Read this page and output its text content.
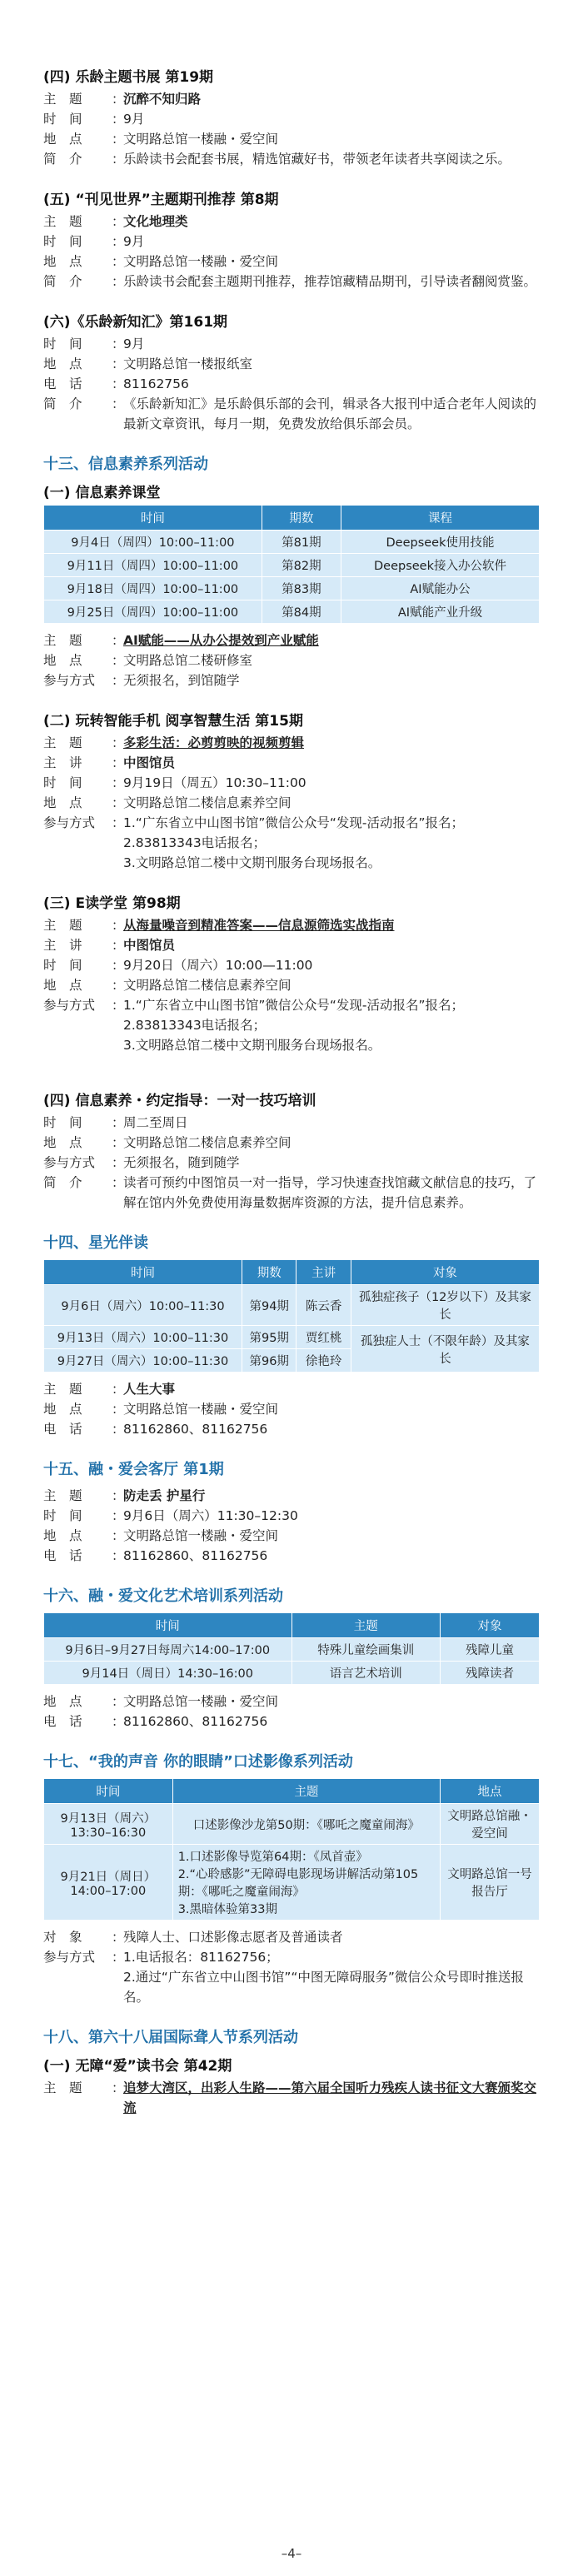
(四) 乐龄主题书展 第19期
主　题	：
沉醉不知归路
时　间	：
9月
地　点	：
文明路总馆一楼融・爱空间
简　介	：
乐龄读书会配套书展，精选馆藏好书，带领老年读者共享阅读之乐。
(五) “刊见世界”主题期刊推荐 第8期
主　题	：
文化地理类
时　间	：
9月
地　点	：
文明路总馆一楼融・爱空间
简　介	：
乐龄读书会配套主题期刊推荐，推荐馆藏精品期刊，引导读者翻阅赏鉴。
(六)《乐龄新知汇》第161期
时　间	：
9月
地　点	：
文明路总馆一楼报纸室
电　话	：
81162756
简　介	：
《乐龄新知汇》是乐龄俱乐部的会刊，辑录各大报刊中适合老年人阅读的最新文章资讯，每月一期，免费发放给俱乐部会员。
十三、信息素养系列活动
(一) 信息素养课堂
时间	期数	课程
9月4日（周四）10:00–11:00	第81期	Deepseek使用技能
9月11日（周四）10:00–11:00	第82期	Deepseek接入办公软件
9月18日（周四）10:00–11:00	第83期	AI赋能办公
9月25日（周四）10:00–11:00	第84期	AI赋能产业升级
主　题	：
AI赋能——从办公提效到产业赋能
地　点	：
文明路总馆二楼研修室
参与方式	：
无须报名，到馆随学
(二) 玩转智能手机 阅享智慧生活 第15期
主　题	：
多彩生活：必剪剪映的视频剪辑
主　讲	：
中图馆员
时　间	：
9月19日（周五）10:30–11:00
地　点	：
文明路总馆二楼信息素养空间
参与方式	：
1.“广东省立中山图书馆”微信公众号“发现-活动报名”报名；
2.83813343电话报名；
3.文明路总馆二楼中文期刊服务台现场报名。
(三) E读学堂 第98期
主　题	：
从海量噪音到精准答案——信息源筛选实战指南
主　讲	：
中图馆员
时　间	：
9月20日（周六）10:00—11:00
地　点	：
文明路总馆二楼信息素养空间
参与方式	：
1.“广东省立中山图书馆”微信公众号“发现-活动报名”报名；
2.83813343电话报名；
3.文明路总馆二楼中文期刊服务台现场报名。
(四) 信息素养・约定指导：一对一技巧培训
时　间	：
周二至周日
地　点	：
文明路总馆二楼信息素养空间
参与方式	：
无须报名，随到随学
简　介	：
读者可预约中图馆员一对一指导，学习快速查找馆藏文献信息的技巧，了解在馆内外免费使用海量数据库资源的方法，提升信息素养。
十四、星光伴读
时间	期数	主讲	对象
9月6日（周六）10:00–11:30	第94期	陈云香	孤独症孩子（12岁以下）及其家长
9月13日（周六）10:00–11:30	第95期	贾红桃	孤独症人士（不限年龄）及其家长
9月27日（周六）10:00–11:30	第96期	徐艳玲	
主　题	：
人生大事
地　点	：
文明路总馆一楼融・爱空间
电　话	：
81162860、81162756
十五、融・爱会客厅 第1期
主　题	：
防走丢 护星行
时　间	：
9月6日（周六）11:30–12:30
地　点	：
文明路总馆一楼融・爱空间
电　话	：
81162860、81162756
十六、融・爱文化艺术培训系列活动
时间	主题	对象
9月6日–9月27日每周六14:00–17:00	特殊儿童绘画集训	残障儿童
9月14日（周日）14:30–16:00	语言艺术培训	残障读者
地　点	：
文明路总馆一楼融・爱空间
电　话	：
81162860、81162756
十七、“我的声音 你的眼睛”口述影像系列活动
时间	主题	地点
9月13日（周六）13:30–16:30	口述影像沙龙第50期：《哪吒之魔童闹海》	文明路总馆融・爱空间
9月21日（周日）14:00–17:00	1.口述影像导览第64期：《凤首壶》
2.“心聆感影”无障碍电影现场讲解活动第105期：《哪吒之魔童闹海》
3.黑暗体验第33期	文明路总馆一号报告厅
对　象	：
残障人士、口述影像志愿者及普通读者
参与方式	：
1.电话报名：81162756；
2.通过“广东省立中山图书馆”“中图无障碍服务”微信公众号即时推送报名。
十八、第六十八届国际聋人节系列活动
(一) 无障“爱”读书会 第42期
主　题	：
追梦大湾区，出彩人生路——第六届全国听力残疾人读书征文大赛颁奖交流
–4–
